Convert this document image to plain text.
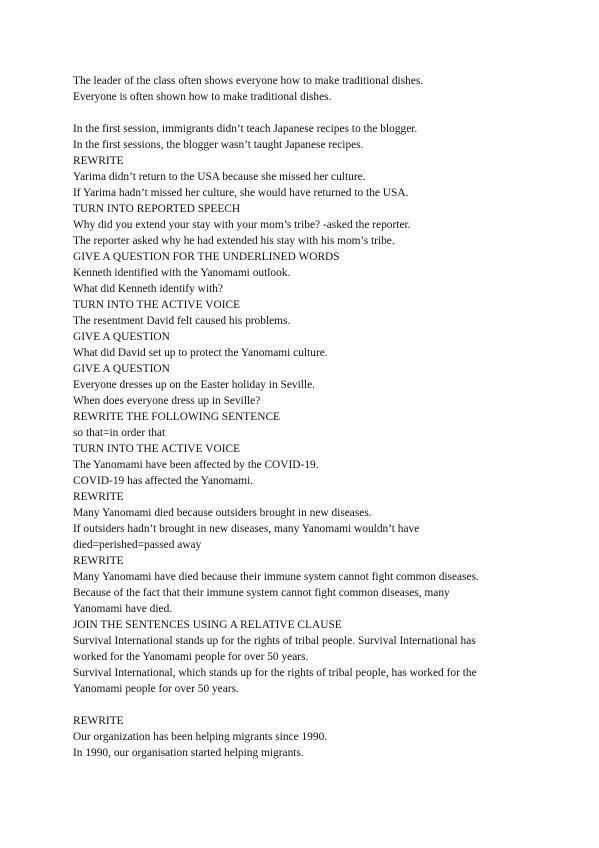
The leader of the class often shows everyone how to make traditional dishes.
Everyone is often shown how to make traditional dishes.
In the first session, immigrants didn’t teach Japanese recipes to the blogger.
In the first sessions, the blogger wasn’t taught Japanese recipes.
REWRITE
Yarima didn’t return to the USA because she missed her culture.
If Yarima hadn’t missed her culture, she would have returned to the USA.
TURN INTO REPORTED SPEECH
Why did you extend your stay with your mom’s tribe? -asked the reporter.
The reporter asked why he had extended his stay with his mom’s tribe.
GIVE A QUESTION FOR THE UNDERLINED WORDS
Kenneth identified with the Yanomami outlook.
What did Kenneth identify with?
TURN INTO THE ACTIVE VOICE
The resentment David felt caused his problems.
GIVE A QUESTION
What did David set up to protect the Yanomami culture.
GIVE A QUESTION
Everyone dresses up on the Easter holiday in Seville.
When does everyone dress up in Seville?
REWRITE THE FOLLOWING SENTENCE
so that=in order that
TURN INTO THE ACTIVE VOICE
The Yanomami have been affected by the COVID-19.
COVID-19 has affected the Yanomami.
REWRITE
Many Yanomami died because outsiders brought in new diseases.
If outsiders hadn’t brought in new diseases, many Yanomami wouldn’t have
died=perished=passed away
REWRITE
Many Yanomami have died because their immune system cannot fight common diseases.
Because of the fact that their immune system cannot fight common diseases, many
Yanomami have died.
JOIN THE SENTENCES USING A RELATIVE CLAUSE
Survival International stands up for the rights of tribal people. Survival International has
worked for the Yanomami people for over 50 years.
Survival International, which stands up for the rights of tribal people, has worked for the
Yanomami people for over 50 years.
REWRITE
Our organization has been helping migrants since 1990.
In 1990, our organisation started helping migrants.
